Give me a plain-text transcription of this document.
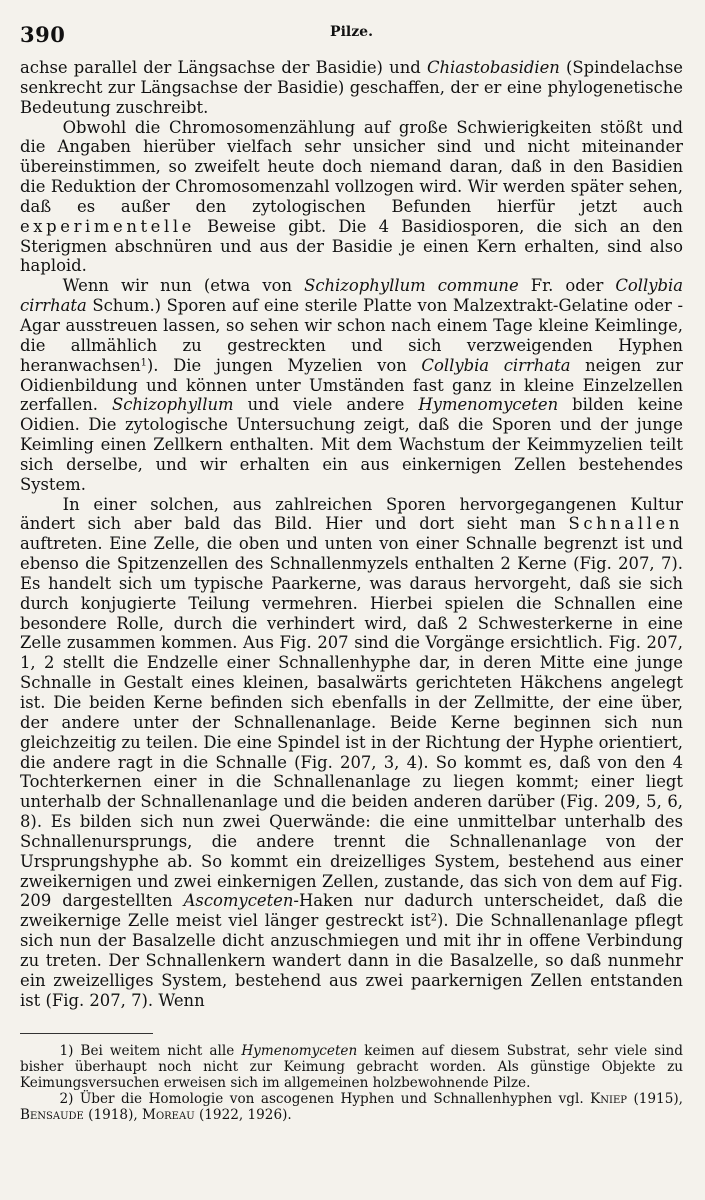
390	Pilze.

achse parallel der Längsachse der Basidie) und Chiastobasidien (Spindelachse senkrecht zur Längsachse der Basidie) geschaffen, der er eine phylogenetische Bedeutung zuschreibt.

Obwohl die Chromosomenzählung auf große Schwierigkeiten stößt und die Angaben hierüber vielfach sehr unsicher sind und nicht miteinander übereinstimmen, so zweifelt heute doch niemand daran, daß in den Basidien die Reduktion der Chromosomenzahl vollzogen wird. Wir werden später sehen, daß es außer den zytologischen Befunden hierfür jetzt auch experimentelle Beweise gibt. Die 4 Basidiosporen, die sich an den Sterigmen abschnüren und aus der Basidie je einen Kern erhalten, sind also haploid.

Wenn wir nun (etwa von Schizophyllum commune Fr. oder Collybia cirrhata Schum.) Sporen auf eine sterile Platte von Malzextrakt-Gelatine oder -Agar ausstreuen lassen, so sehen wir schon nach einem Tage kleine Keimlinge, die allmählich zu gestreckten und sich verzweigenden Hyphen heranwachsen$^1$). Die jungen Myzelien von Collybia cirrhata neigen zur Oidienbildung und können unter Umständen fast ganz in kleine Einzelzellen zerfallen. Schizophyllum und viele andere Hymenomyceten bilden keine Oidien. Die zytologische Untersuchung zeigt, daß die Sporen und der junge Keimling einen Zellkern enthalten. Mit dem Wachstum der Keimmyzelien teilt sich derselbe, und wir erhalten ein aus einkernigen Zellen bestehendes System.

In einer solchen, aus zahlreichen Sporen hervorgegangenen Kultur ändert sich aber bald das Bild. Hier und dort sieht man Schnallen auftreten. Eine Zelle, die oben und unten von einer Schnalle begrenzt ist und ebenso die Spitzenzellen des Schnallenmyzels enthalten 2 Kerne (Fig. 207, 7). Es handelt sich um typische Paarkerne, was daraus hervorgeht, daß sie sich durch konjugierte Teilung vermehren. Hierbei spielen die Schnallen eine besondere Rolle, durch die verhindert wird, daß 2 Schwesterkerne in eine Zelle zusammen kommen. Aus Fig. 207 sind die Vorgänge ersichtlich. Fig. 207, 1, 2 stellt die Endzelle einer Schnallenhyphe dar, in deren Mitte eine junge Schnalle in Gestalt eines kleinen, basalwärts gerichteten Häkchens angelegt ist. Die beiden Kerne befinden sich ebenfalls in der Zellmitte, der eine über, der andere unter der Schnallenanlage. Beide Kerne beginnen sich nun gleichzeitig zu teilen. Die eine Spindel ist in der Richtung der Hyphe orientiert, die andere ragt in die Schnalle (Fig. 207, 3, 4). So kommt es, daß von den 4 Tochterkernen einer in die Schnallenanlage zu liegen kommt; einer liegt unterhalb der Schnallenanlage und die beiden anderen darüber (Fig. 209, 5, 6, 8). Es bilden sich nun zwei Querwände: die eine unmittelbar unterhalb des Schnallenursprungs, die andere trennt die Schnallenanlage von der Ursprungshyphe ab. So kommt ein dreizelliges System, bestehend aus einer zweikernigen und zwei einkernigen Zellen, zustande, das sich von dem auf Fig. 209 dargestellten Ascomyceten-Haken nur dadurch unterscheidet, daß die zweikernige Zelle meist viel länger gestreckt ist$^2$). Die Schnallenanlage pflegt sich nun der Basalzelle dicht anzuschmiegen und mit ihr in offene Verbindung zu treten. Der Schnallenkern wandert dann in die Basalzelle, so daß nunmehr ein zweizelliges System, bestehend aus zwei paarkernigen Zellen entstanden ist (Fig. 207, 7). Wenn

1) Bei weitem nicht alle Hymenomyceten keimen auf diesem Substrat, sehr viele sind bisher überhaupt noch nicht zur Keimung gebracht worden. Als günstige Objekte zu Keimungsversuchen erweisen sich im allgemeinen holzbewohnende Pilze.

2) Über die Homologie von ascogenen Hyphen und Schnallenhyphen vgl. Kniep (1915), Bensaude (1918), Moreau (1922, 1926).
